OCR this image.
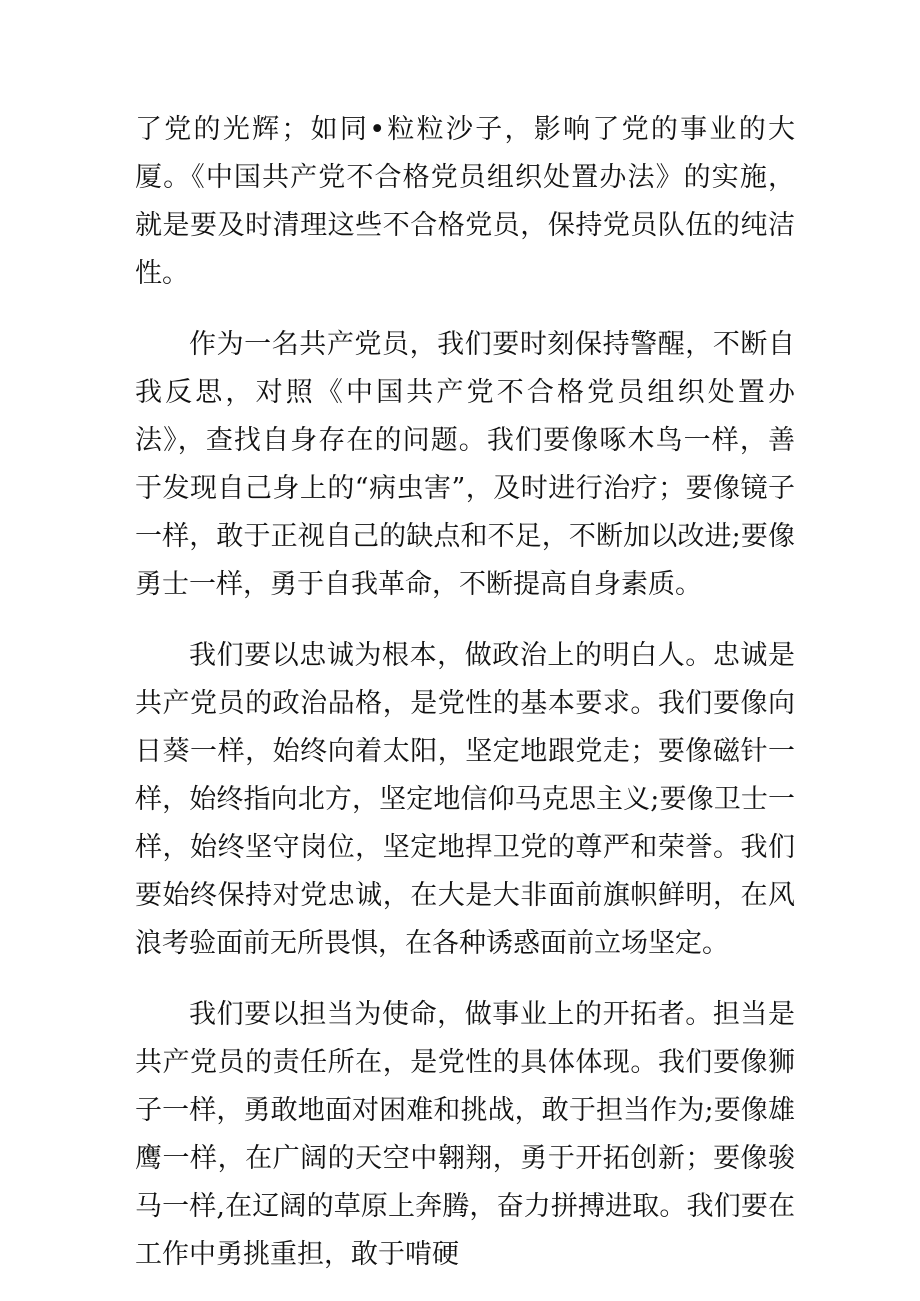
了党的光辉；如同•粒粒沙子，影响了党的事业的大厦。《中国共产党不合格党员组织处置办法》的实施，就是要及时清理这些不合格党员，保持党员队伍的纯洁性。

作为一名共产党员，我们要时刻保持警醒，不断自我反思，对照《中国共产党不合格党员组织处置办法》，查找自身存在的问题。我们要像啄木鸟一样，善于发现自己身上的“病虫害”，及时进行治疗；要像镜子一样，敢于正视自己的缺点和不足，不断加以改进;要像勇士一样，勇于自我革命，不断提高自身素质。

我们要以忠诚为根本，做政治上的明白人。忠诚是共产党员的政治品格，是党性的基本要求。我们要像向日葵一样，始终向着太阳，坚定地跟党走；要像磁针一样，始终指向北方，坚定地信仰马克思主义;要像卫士一样，始终坚守岗位，坚定地捍卫党的尊严和荣誉。我们要始终保持对党忠诚，在大是大非面前旗帜鲜明，在风浪考验面前无所畏惧，在各种诱惑面前立场坚定。

我们要以担当为使命，做事业上的开拓者。担当是共产党员的责任所在，是党性的具体体现。我们要像狮子一样，勇敢地面对困难和挑战，敢于担当作为;要像雄鹰一样，在广阔的天空中翱翔，勇于开拓创新；要像骏马一样,在辽阔的草原上奔腾，奋力拼搏进取。我们要在工作中勇挑重担，敢于啃硬
